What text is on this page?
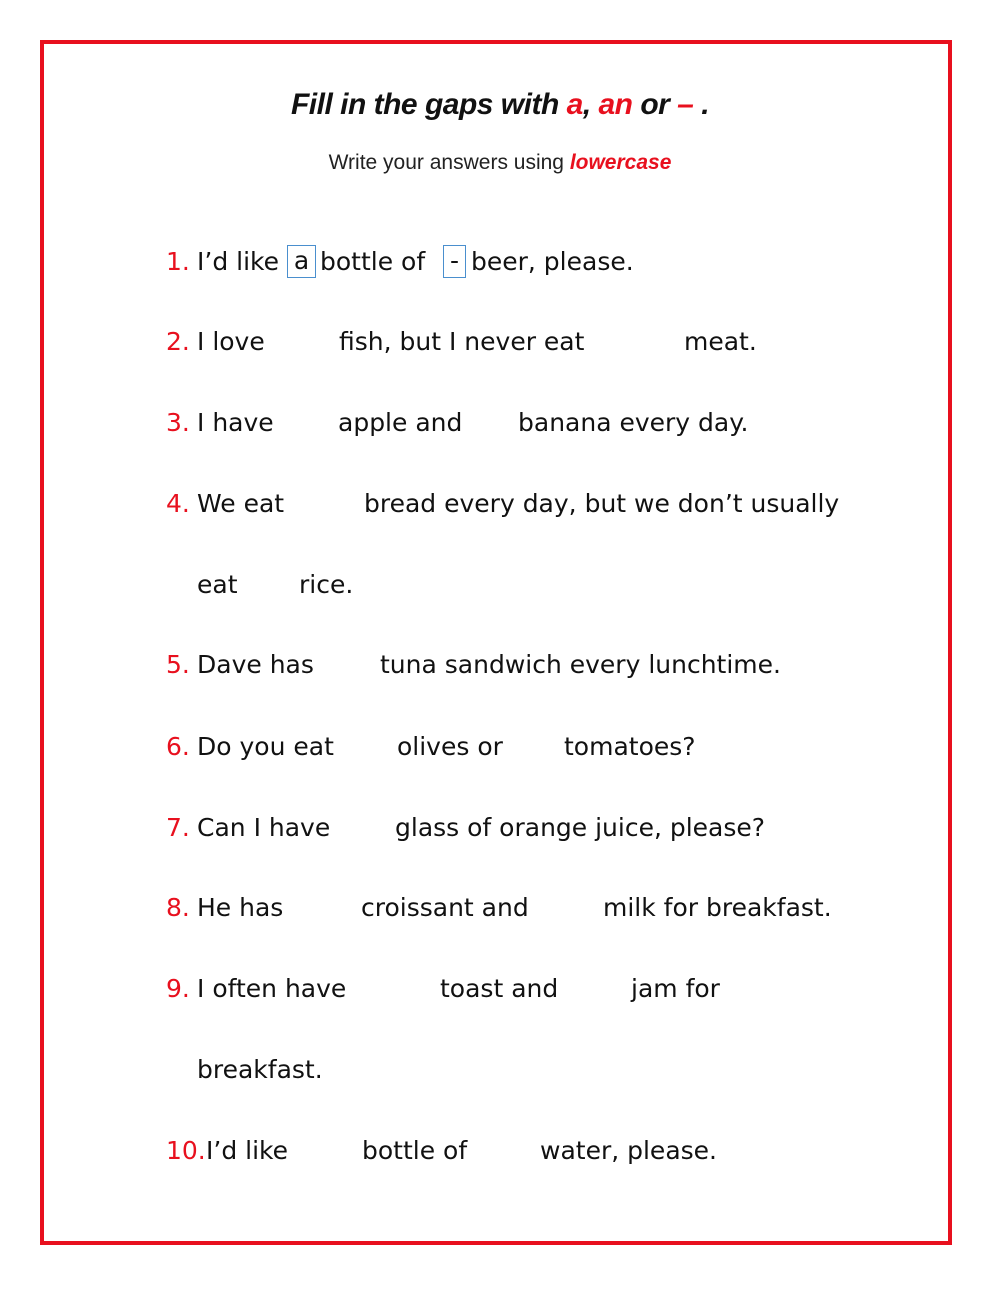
Fill in the gaps with a, an or – .
Write your answers using lowercase
1. I’d like a bottle of - beer, please.
2. I love	fish, but I never eat	meat.
3. I have	apple and banana every day.
4. We eat	bread every day, but we don’t usually
eat rice.
5. Dave has	tuna sandwich every lunchtime.
6. Do you eat	olives or tomatoes?
7. Can I have	glass of orange juice, please?
8. He has	croissant and	milk for breakfast.
9. I often have	toast and	jam for
breakfast.
10. I’d like	bottle of	water, please.
